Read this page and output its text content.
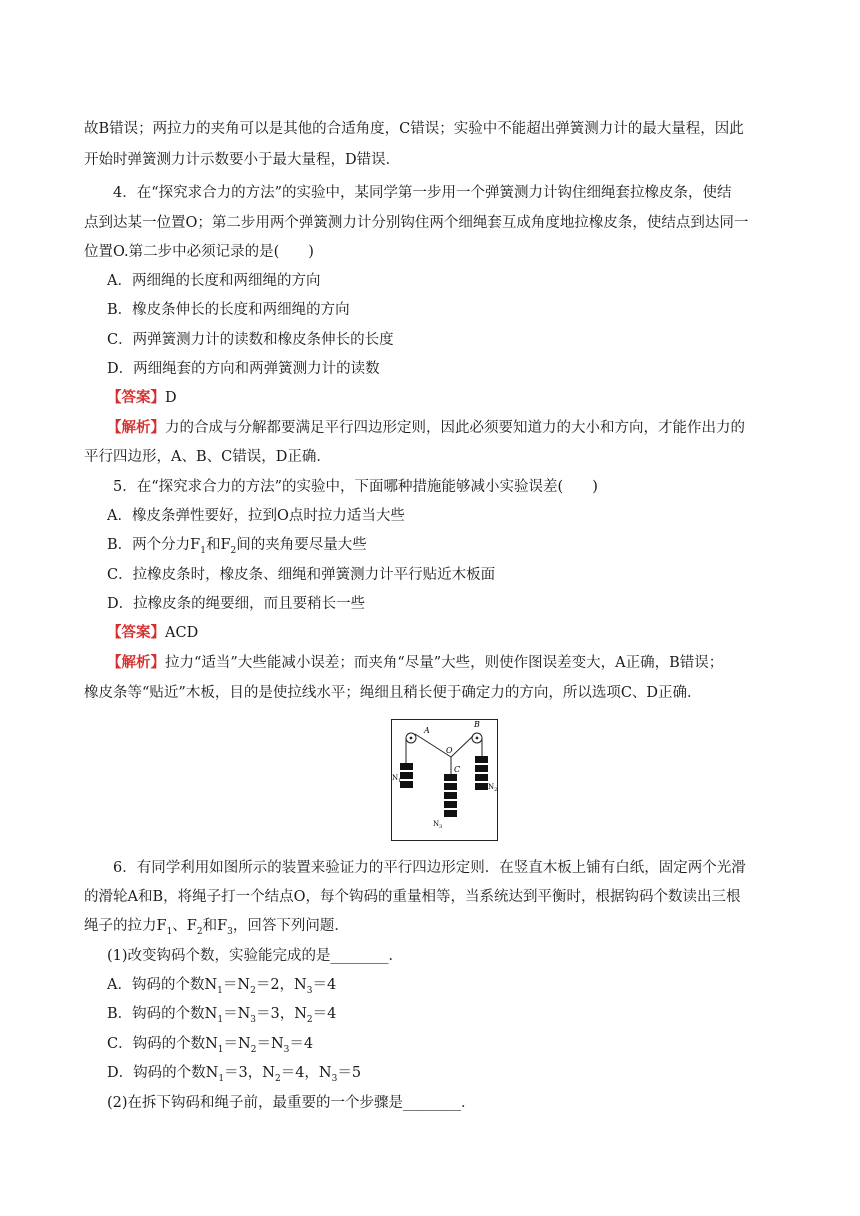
故B错误；两拉力的夹角可以是其他的合适角度，C错误；实验中不能超出弹簧测力计的最大量程，因此
开始时弹簧测力计示数要小于最大量程，D错误．
4．在“探究求合力的方法”的实验中，某同学第一步用一个弹簧测力计钩住细绳套拉橡皮条，使结
点到达某一位置O；第二步用两个弹簧测力计分别钩住两个细绳套互成角度地拉橡皮条，使结点到达同一
位置O.第二步中必须记录的是(　　)
A．两细绳的长度和两细绳的方向
B．橡皮条伸长的长度和两细绳的方向
C．两弹簧测力计的读数和橡皮条伸长的长度
D．两细绳套的方向和两弹簧测力计的读数
【答案】D
【解析】力的合成与分解都要满足平行四边形定则，因此必须要知道力的大小和方向，才能作出力的
平行四边形，A、B、C错误，D正确．
5．在“探究求合力的方法”的实验中，下面哪种措施能够减小实验误差(　　)
A．橡皮条弹性要好，拉到O点时拉力适当大些
B．两个分力$F_1$和$F_2$间的夹角要尽量大些
C．拉橡皮条时，橡皮条、细绳和弹簧测力计平行贴近木板面
D．拉橡皮条的绳要细，而且要稍长一些
【答案】ACD
【解析】拉力“适当”大些能减小误差；而夹角“尽量”大些，则使作图误差变大，A正确，B错误；
橡皮条等“贴近”木板，目的是使拉线水平；绳细且稍长便于确定力的方向，所以选项C、D正确．
A
B
O
C
$N_1$
$N_2$
$N_3$
6．有同学利用如图所示的装置来验证力的平行四边形定则．在竖直木板上铺有白纸，固定两个光滑
的滑轮A和B，将绳子打一个结点O，每个钩码的重量相等，当系统达到平衡时，根据钩码个数读出三根
绳子的拉力$F_1$、$F_2$和$F_3$，回答下列问题．
(1)改变钩码个数，实验能完成的是________．
A．钩码的个数$N_1=N_2=2$，$N_3=4$
B．钩码的个数$N_1=N_3=3$，$N_2=4$
C．钩码的个数$N_1=N_2=N_3=4$
D．钩码的个数$N_1=3$，$N_2=4$，$N_3=5$
(2)在拆下钩码和绳子前，最重要的一个步骤是________．
